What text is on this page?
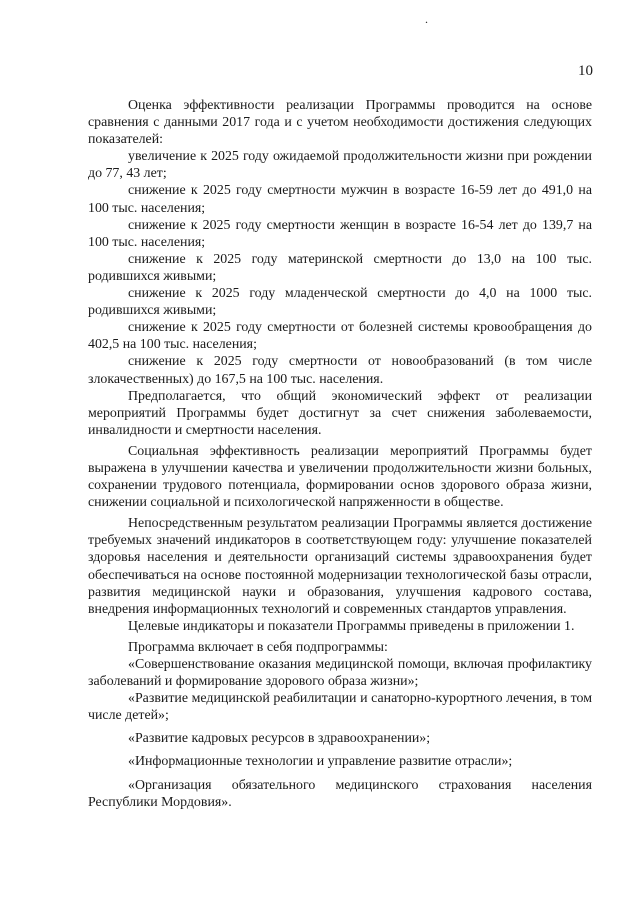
.
10

Оценка эффективности реализации Программы проводится на основе сравнения с данными 2017 года и с учетом необходимости достижения следующих показателей:

увеличение к 2025 году ожидаемой продолжительности жизни при рождении до 77, 43 лет;

снижение к 2025 году смертности мужчин в возрасте 16-59 лет до 491,0 на 100 тыс. населения;

снижение к 2025 году смертности женщин в возрасте 16-54 лет до 139,7 на 100 тыс. населения;

снижение к 2025 году материнской смертности до 13,0 на 100 тыс. родившихся живыми;

снижение к 2025 году младенческой смертности до 4,0 на 1000 тыс. родившихся живыми;

снижение к 2025 году смертности от болезней системы кровообращения до 402,5 на 100 тыс. населения;

снижение к 2025 году смертности от новообразований (в том числе злокачественных) до 167,5 на 100 тыс. населения.

Предполагается, что общий экономический эффект от реализации мероприятий Программы будет достигнут за счет снижения заболеваемости, инвалидности и смертности населения.

Социальная эффективность реализации мероприятий Программы будет выражена в улучшении качества и увеличении продолжительности жизни больных, сохранении трудового потенциала, формировании основ здорового образа жизни, снижении социальной и психологической напряженности в обществе.

Непосредственным результатом реализации Программы является достижение требуемых значений индикаторов в соответствующем году: улучшение показателей здоровья населения и деятельности организаций системы здравоохранения будет обеспечиваться на основе постоянной модернизации технологической базы отрасли, развития медицинской науки и образования, улучшения кадрового состава, внедрения информационных технологий и современных стандартов управления.

Целевые индикаторы и показатели Программы приведены в приложении 1.

Программа включает в себя подпрограммы:

«Совершенствование оказания медицинской помощи, включая профилактику заболеваний и формирование здорового образа жизни»;

«Развитие медицинской реабилитации и санаторно-курортного лечения, в том числе детей»;

«Развитие кадровых ресурсов в здравоохранении»;

«Информационные технологии и управление развитие отрасли»;

«Организация обязательного медицинского страхования населения Республики Мордовия».
